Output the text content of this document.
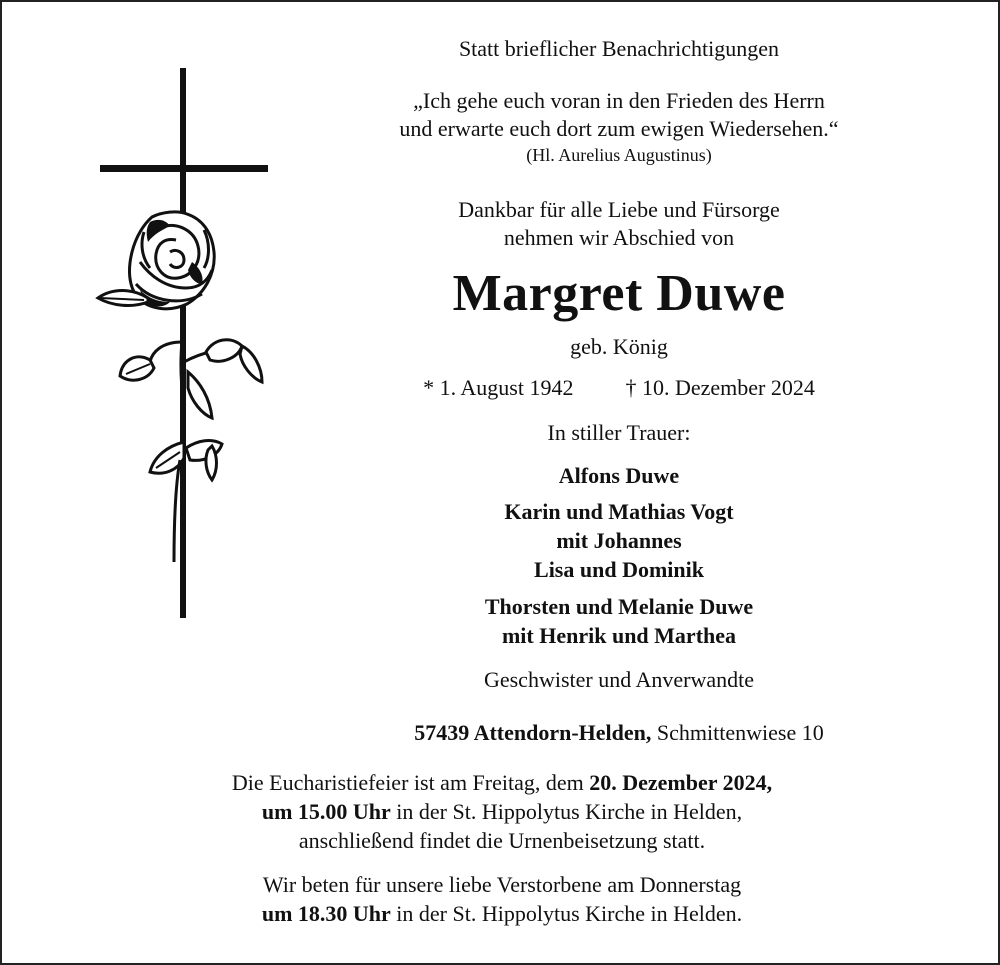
Statt brieflicher Benachrichtigungen
„Ich gehe euch voran in den Frieden des Herrn
und erwarte euch dort zum ewigen Wiedersehen.“
(Hl. Aurelius Augustinus)
Dankbar für alle Liebe und Fürsorge
nehmen wir Abschied von
Margret Duwe
geb. König
* 1. August 1942 † 10. Dezember 2024
In stiller Trauer:
Alfons Duwe
Karin und Mathias Vogt
mit Johannes
Lisa und Dominik
Thorsten und Melanie Duwe
mit Henrik und Marthea
Geschwister und Anverwandte
57439 Attendorn-Helden, Schmittenwiese 10
Die Eucharistiefeier ist am Freitag, dem 20. Dezember 2024,
um 15.00 Uhr in der St. Hippolytus Kirche in Helden,
anschließend findet die Urnenbeisetzung statt.
Wir beten für unsere liebe Verstorbene am Donnerstag
um 18.30 Uhr in der St. Hippolytus Kirche in Helden.
